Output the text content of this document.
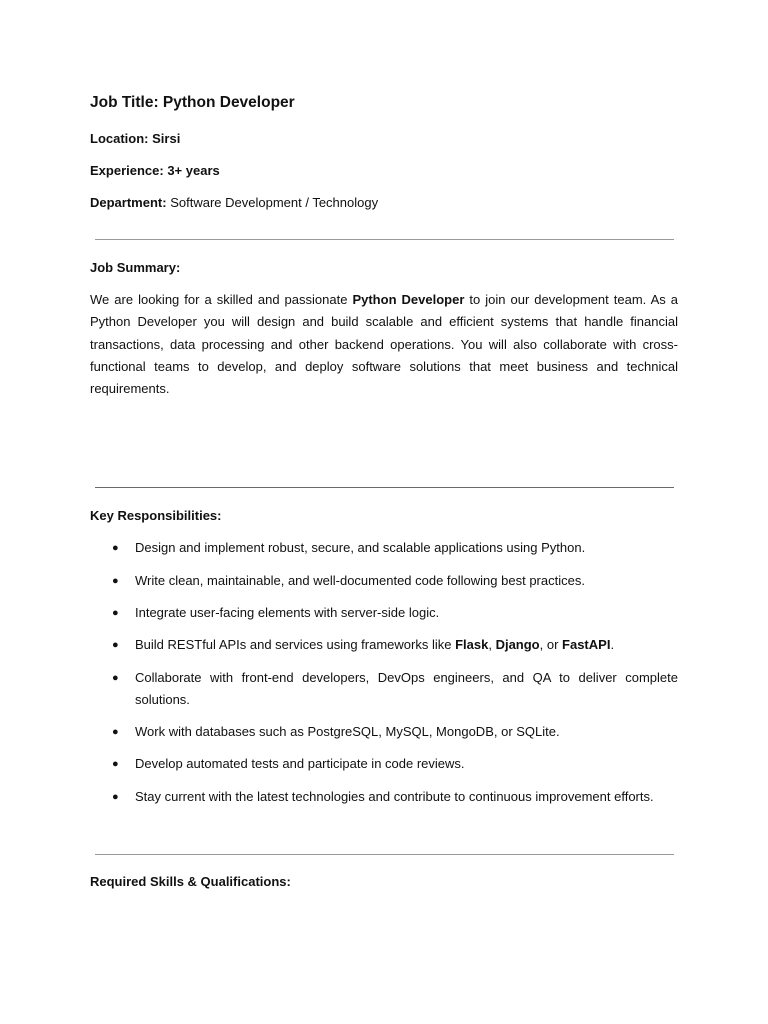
Job Title: Python Developer

Location: Sirsi

Experience: 3+ years

Department: Software Development / Technology

Job Summary:

We are looking for a skilled and passionate Python Developer to join our development team. As a Python Developer you will design and build scalable and efficient systems that handle financial transactions, data processing and other backend operations. You will also collaborate with cross-functional teams to develop, and deploy software solutions that meet business and technical requirements.

Key Responsibilities:

●	Design and implement robust, secure, and scalable applications using Python.
●	Write clean, maintainable, and well-documented code following best practices.
●	Integrate user-facing elements with server-side logic.
●	Build RESTful APIs and services using frameworks like Flask, Django, or FastAPI.
●	Collaborate with front-end developers, DevOps engineers, and QA to deliver complete solutions.
●	Work with databases such as PostgreSQL, MySQL, MongoDB, or SQLite.
●	Develop automated tests and participate in code reviews.
●	Stay current with the latest technologies and contribute to continuous improvement efforts.

Required Skills & Qualifications:
